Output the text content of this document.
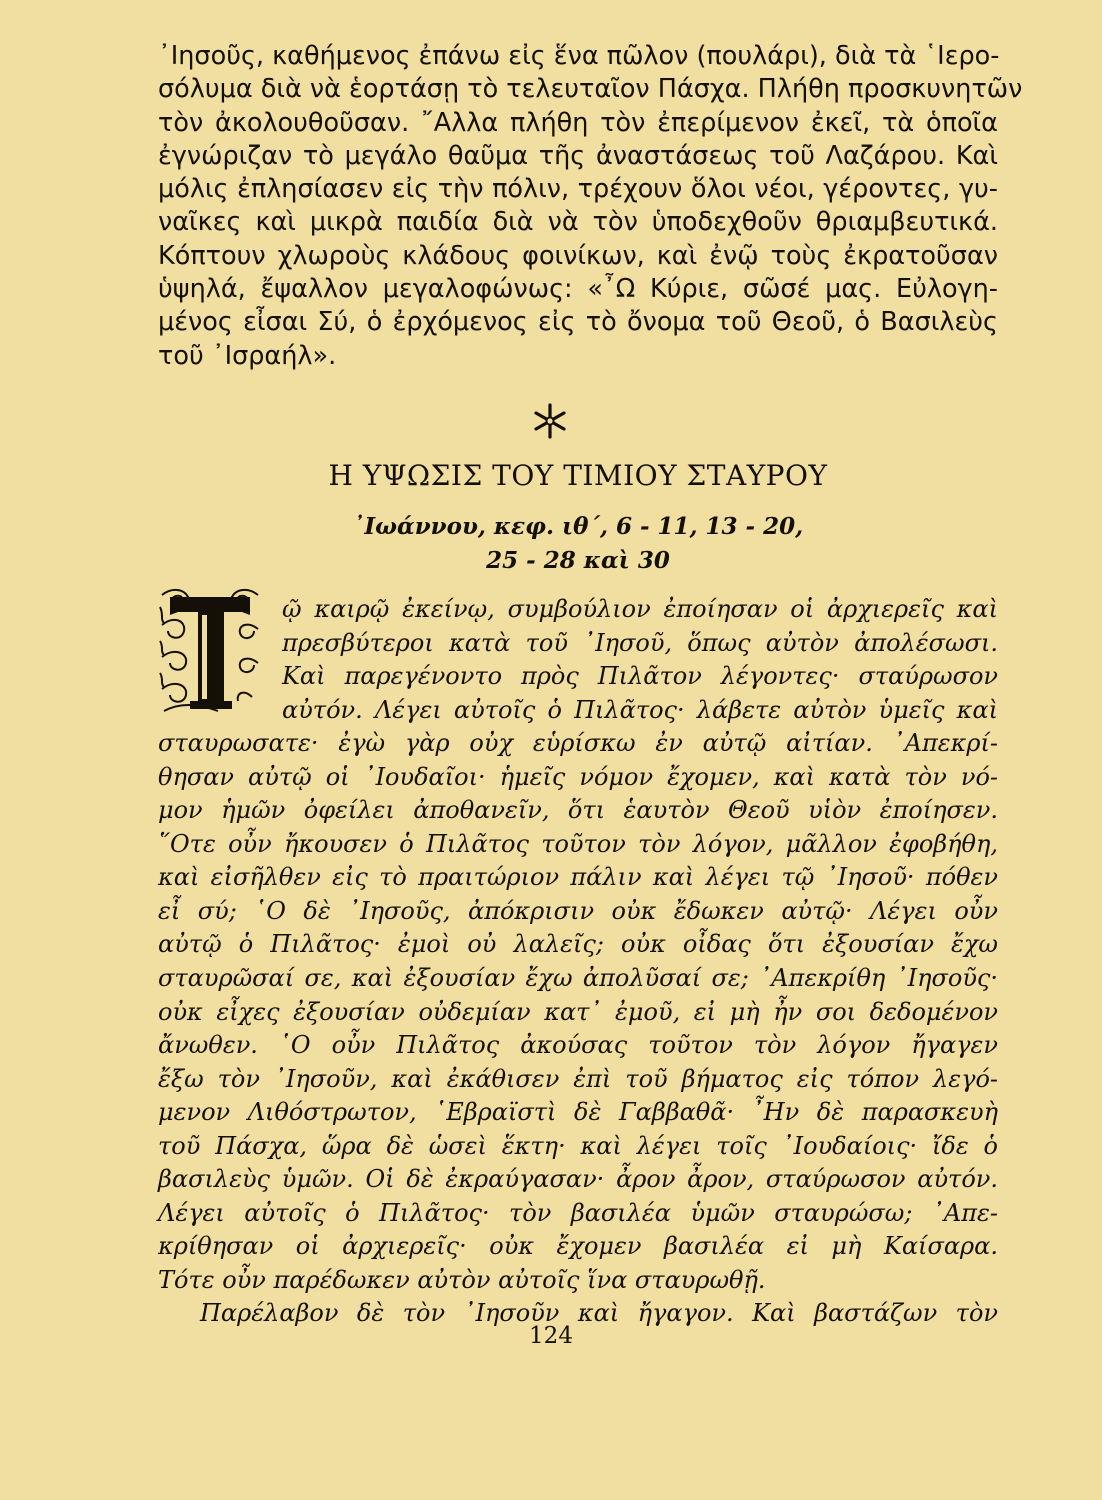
᾿Ιησοῦς, καθήμενος ἐπάνω εἰς ἕνα πῶλον (πουλάρι), διὰ τὰ ῾Ιερο-
σόλυμα διὰ νὰ ἑορτάσῃ τὸ τελευταῖον Πάσχα. Πλήθη προσκυνητῶν
τὸν ἀκολουθοῦσαν. ῎Αλλα πλήθη τὸν ἐπερίμενον ἐκεῖ, τὰ ὁποῖα
ἐγνώριζαν τὸ μεγάλο θαῦμα τῆς ἀναστάσεως τοῦ Λαζάρου. Καὶ
μόλις ἐπλησίασεν εἰς τὴν πόλιν, τρέχουν ὅλοι νέοι, γέροντες, γυ-
ναῖκες καὶ μικρὰ παιδία διὰ νὰ τὸν ὑποδεχθοῦν θριαμβευτικά.
Κόπτουν χλωροὺς κλάδους φοινίκων, καὶ ἐνῷ τοὺς ἐκρατοῦσαν
ὑψηλά, ἔψαλλον μεγαλοφώνως: «῏Ω Κύριε, σῶσέ μας. Εὐλογη-
μένος εἶσαι Σύ, ὁ ἐρχόμενος εἰς τὸ ὄνομα τοῦ Θεοῦ, ὁ Βασιλεὺς
τοῦ ᾿Ισραήλ».
Η ΥΨΩΣΙΣ ΤΟΥ ΤΙΜΙΟΥ ΣΤΑΥΡΟΥ
᾿Ιωάννου, κεφ. ιθ´, 6 - 11, 13 - 20,
25 - 28 καὶ 30
ῷ καιρῷ ἐκείνῳ, συμβούλιον ἐποίησαν οἱ ἀρχιερεῖς καὶ
πρεσβύτεροι κατὰ τοῦ ᾿Ιησοῦ, ὅπως αὐτὸν ἀπολέσωσι.
Καὶ παρεγένοντο πρὸς Πιλᾶτον λέγοντες· σταύρωσον
αὐτόν. Λέγει αὐτοῖς ὁ Πιλᾶτος· λάβετε αὐτὸν ὑμεῖς καὶ
σταυρωσατε· ἐγὼ γὰρ οὐχ εὑρίσκω ἐν αὐτῷ αἰτίαν. ᾿Απεκρί-
θησαν αὐτῷ οἱ ᾿Ιουδαῖοι· ἡμεῖς νόμον ἔχομεν, καὶ κατὰ τὸν νό-
μον ἡμῶν ὀφείλει ἀποθανεῖν, ὅτι ἑαυτὸν Θεοῦ υἱὸν ἐποίησεν.
῞Οτε οὖν ἤκουσεν ὁ Πιλᾶτος τοῦτον τὸν λόγον, μᾶλλον ἐφοβήθη,
καὶ εἰσῆλθεν εἰς τὸ πραιτώριον πάλιν καὶ λέγει τῷ ᾿Ιησοῦ· πόθεν
εἶ σύ; ῾Ο δὲ ᾿Ιησοῦς, ἀπόκρισιν οὐκ ἔδωκεν αὐτῷ· Λέγει οὖν
αὐτῷ ὁ Πιλᾶτος· ἐμοὶ οὐ λαλεῖς; οὐκ οἶδας ὅτι ἐξουσίαν ἔχω
σταυρῶσαί σε, καὶ ἐξουσίαν ἔχω ἀπολῦσαί σε; ᾿Απεκρίθη ᾿Ιησοῦς·
οὐκ εἶχες ἐξουσίαν οὐδεμίαν κατ᾿ ἐμοῦ, εἰ μὴ ἦν σοι δεδομένον
ἄνωθεν. ῾Ο οὖν Πιλᾶτος ἀκούσας τοῦτον τὸν λόγον ἤγαγεν
ἔξω τὸν ᾿Ιησοῦν, καὶ ἐκάθισεν ἐπὶ τοῦ βήματος εἰς τόπον λεγό-
μενον Λιθόστρωτον, ῾Εβραϊστὶ δὲ Γαββαθᾶ· ῏Ην δὲ παρασκευὴ
τοῦ Πάσχα, ὥρα δὲ ὡσεὶ ἕκτη· καὶ λέγει τοῖς ᾿Ιουδαίοις· ἴδε ὁ
βασιλεὺς ὑμῶν. Οἱ δὲ ἐκραύγασαν· ἆρον ἆρον, σταύρωσον αὐτόν.
Λέγει αὐτοῖς ὁ Πιλᾶτος· τὸν βασιλέα ὑμῶν σταυρώσω; ᾿Απε-
κρίθησαν οἱ ἀρχιερεῖς· οὐκ ἔχομεν βασιλέα εἰ μὴ Καίσαρα.
Τότε οὖν παρέδωκεν αὐτὸν αὐτοῖς ἵνα σταυρωθῇ.
Παρέλαβον δὲ τὸν ᾿Ιησοῦν καὶ ἤγαγον. Καὶ βαστάζων τὸν
124
